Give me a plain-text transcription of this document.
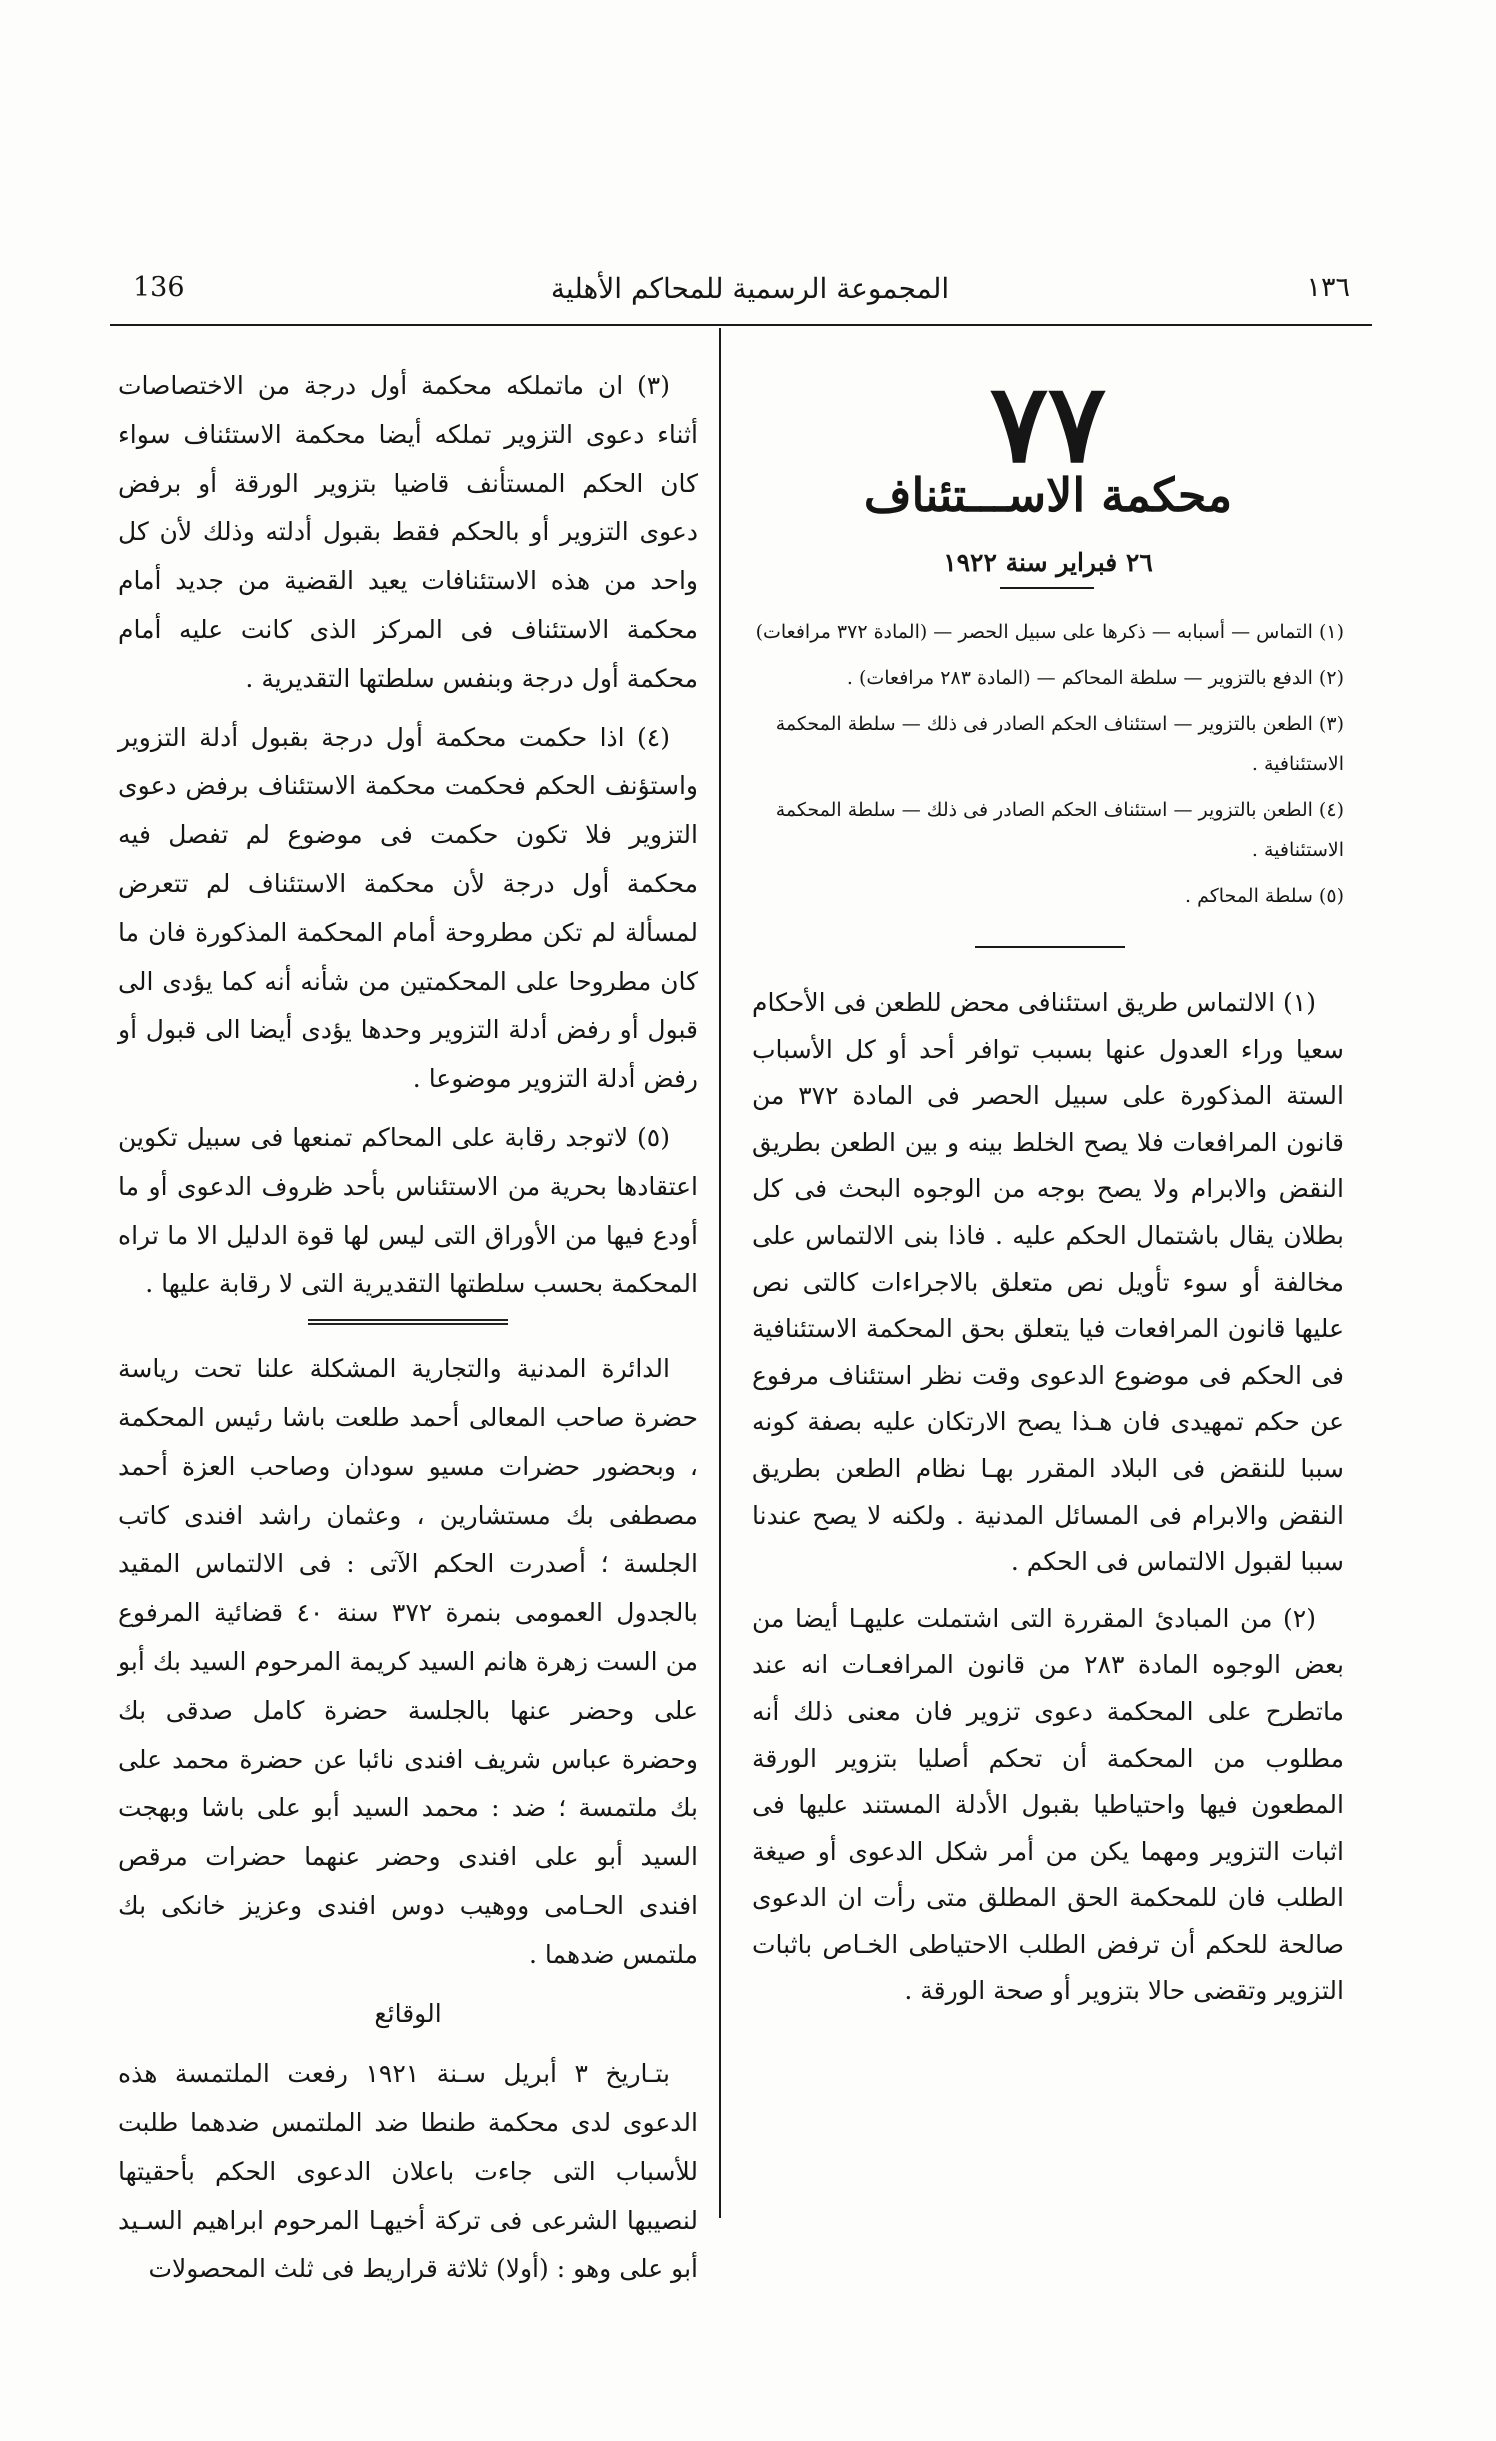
136	المجموعة الرسمية للمحاكم الأهلية	١٣٦
٧٧
محكمة الاســـتئناف
٢٦ فبراير سنة ١٩٢٢
(١) التماس — أسبابه — ذكرها على سبيل الحصر — (المادة ٣٧٢ مرافعات)
(٢) الدفع بالتزوير — سلطة المحاكم — (المادة ٢٨٣ مرافعات) .
(٣) الطعن بالتزوير — استئناف الحكم الصادر فى ذلك — سلطة المحكمة الاستئنافية .
(٤) الطعن بالتزوير — استئناف الحكم الصادر فى ذلك — سلطة المحكمة الاستئنافية .
(٥) سلطة المحاكم .

(١) الالتماس طريق استئنافى محض للطعن فى الأحكام سعيا وراء العدول عنها بسبب توافر أحد أو كل الأسباب الستة المذكورة على سبيل الحصر فى المادة ٣٧٢ من قانون المرافعات فلا يصح الخلط بينه و بين الطعن بطريق النقض والابرام ولا يصح بوجه من الوجوه البحث فى كل بطلان يقال باشتمال الحكم عليه . فاذا بنى الالتماس على مخالفة أو سوء تأويل نص متعلق بالاجراءات كالتى نص عليها قانون المرافعات فيا يتعلق بحق المحكمة الاستئنافية فى الحكم فى موضوع الدعوى وقت نظر استئناف مرفوع عن حكم تمهيدى فان هـذا يصح الارتكان عليه بصفة كونه سببا للنقض فى البلاد المقرر بهـا نظام الطعن بطريق النقض والابرام فى المسائل المدنية . ولكنه لا يصح عندنا سببا لقبول الالتماس فى الحكم .

(٢) من المبادئ المقررة التى اشتملت عليهـا أيضا من بعض الوجوه المادة ٢٨٣ من قانون المرافعـات انه عند ماتطرح على المحكمة دعوى تزوير فان معنى ذلك أنه مطلوب من المحكمة أن تحكم أصليا بتزوير الورقة المطعون فيها واحتياطيا بقبول الأدلة المستند عليها فى اثبات التزوير ومهما يكن من أمر شكل الدعوى أو صيغة الطلب فان للمحكمة الحق المطلق متى رأت ان الدعوى صالحة للحكم أن ترفض الطلب الاحتياطى الخـاص باثبات التزوير وتقضى حالا بتزوير أو صحة الورقة .

(٣) ان ماتملكه محكمة أول درجة من الاختصاصات أثناء دعوى التزوير تملكه أيضا محكمة الاستئناف سواء كان الحكم المستأنف قاضيا بتزوير الورقة أو برفض دعوى التزوير أو بالحكم فقط بقبول أدلته وذلك لأن كل واحد من هذه الاستئنافات يعيد القضية من جديد أمام محكمة الاستئناف فى المركز الذى كانت عليه أمام محكمة أول درجة وبنفس سلطتها التقديرية .

(٤) اذا حكمت محكمة أول درجة بقبول أدلة التزوير واستؤنف الحكم فحكمت محكمة الاستئناف برفض دعوى التزوير فلا تكون حكمت فى موضوع لم تفصل فيه محكمة أول درجة لأن محكمة الاستئناف لم تتعرض لمسألة لم تكن مطروحة أمام المحكمة المذكورة فان ما كان مطروحا على المحكمتين من شأنه أنه كما يؤدى الى قبول أو رفض أدلة التزوير وحدها يؤدى أيضا الى قبول أو رفض أدلة التزوير موضوعا .

(٥) لاتوجد رقابة على المحاكم تمنعها فى سبيل تكوين اعتقادها بحرية من الاستئناس بأحد ظروف الدعوى أو ما أودع فيها من الأوراق التى ليس لها قوة الدليل الا ما تراه المحكمة بحسب سلطتها التقديرية التى لا رقابة عليها .

الدائرة المدنية والتجارية المشكلة علنا تحت رياسة حضرة صاحب المعالى أحمد طلعت باشا رئيس المحكمة ، وبحضور حضرات مسيو سودان وصاحب العزة أحمد مصطفى بك مستشارين ، وعثمان راشد افندى كاتب الجلسة ؛ أصدرت الحكم الآتى : فى الالتماس المقيد بالجدول العمومى بنمرة ٣٧٢ سنة ٤٠ قضائية المرفوع من الست زهرة هانم السيد كريمة المرحوم السيد بك أبو على وحضر عنها بالجلسة حضرة كامل صدقى بك وحضرة عباس شريف افندى نائبا عن حضرة محمد على بك ملتمسة ؛ ضد : محمد السيد أبو على باشا وبهجت السيد أبو على افندى وحضر عنهما حضرات مرقص افندى الحـامى ووهيب دوس افندى وعزيز خانكى بك ملتمس ضدهما .

الوقائع

بتـاريخ ٣ أبريل سـنة ١٩٢١ رفعت الملتمسة هذه الدعوى لدى محكمة طنطا ضد الملتمس ضدهما طلبت للأسباب التى جاءت باعلان الدعوى الحكم بأحقيتها لنصيبها الشرعى فى تركة أخيهـا المرحوم ابراهيم السـيد أبو على وهو : (أولا) ثلاثة قراريط فى ثلث المحصولات
